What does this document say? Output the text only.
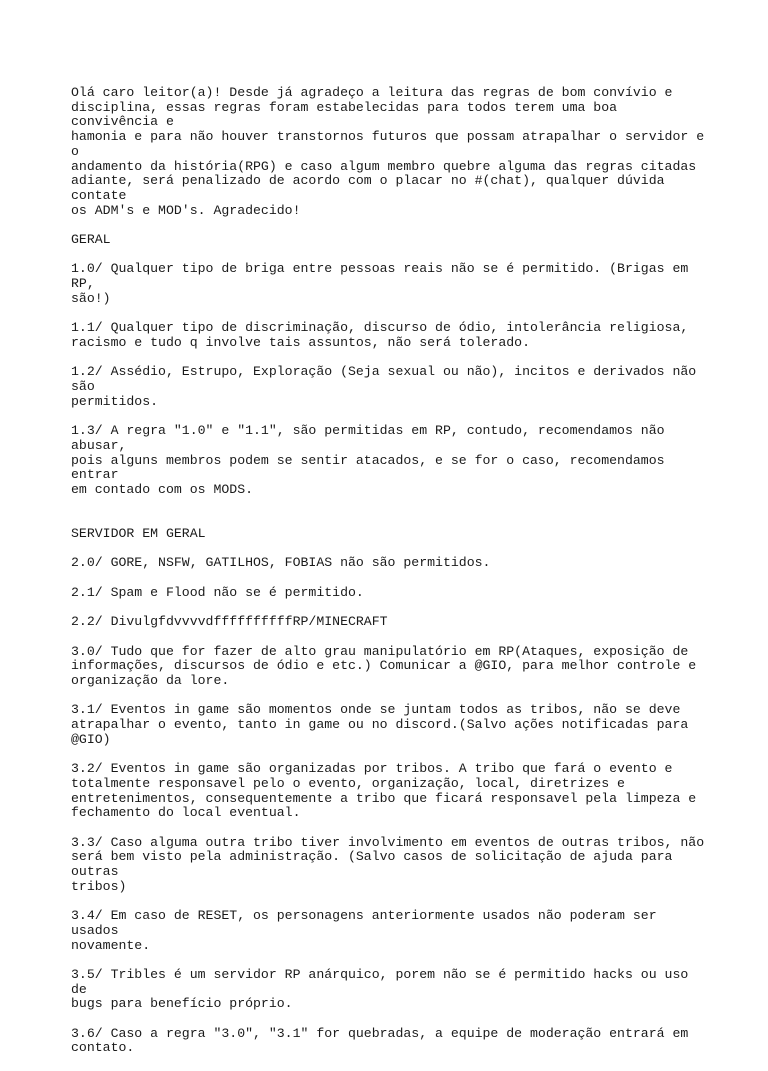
Olá caro leitor(a)! Desde já agradeço a leitura das regras de bom convívio e
disciplina, essas regras foram estabelecidas para todos terem uma boa convivência e
hamonia e para não houver transtornos futuros que possam atrapalhar o servidor e o
andamento da história(RPG) e caso algum membro quebre alguma das regras citadas
adiante, será penalizado de acordo com o placar no #(chat), qualquer dúvida contate
os ADM's e MOD's. Agradecido!

GERAL

1.0/ Qualquer tipo de briga entre pessoas reais não se é permitido. (Brigas em RP,
são!)

1.1/ Qualquer tipo de discriminação, discurso de ódio, intolerância religiosa,
racismo e tudo q involve tais assuntos, não será tolerado.

1.2/ Assédio, Estrupo, Exploração (Seja sexual ou não), incitos e derivados não são
permitidos.

1.3/ A regra "1.0" e "1.1", são permitidas em RP, contudo, recomendamos não abusar,
pois alguns membros podem se sentir atacados, e se for o caso, recomendamos entrar
em contado com os MODS.

SERVIDOR EM GERAL

2.0/ GORE, NSFW, GATILHOS, FOBIAS não são permitidos.

2.1/ Spam e Flood não se é permitido.

2.2/ DivulgfdvvvvdffffffffffRP/MINECRAFT

3.0/ Tudo que for fazer de alto grau manipulatório em RP(Ataques, exposição de
informações, discursos de ódio e etc.) Comunicar a @GIO, para melhor controle e
organização da lore.

3.1/ Eventos in game são momentos onde se juntam todos as tribos, não se deve
atrapalhar o evento, tanto in game ou no discord.(Salvo ações notificadas para
@GIO)

3.2/ Eventos in game são organizadas por tribos. A tribo que fará o evento e
totalmente responsavel pelo o evento, organização, local, diretrizes e
entretenimentos, consequentemente a tribo que ficará responsavel pela limpeza e
fechamento do local eventual.

3.3/ Caso alguma outra tribo tiver involvimento em eventos de outras tribos, não
será bem visto pela administração. (Salvo casos de solicitação de ajuda para outras
tribos)

3.4/ Em caso de RESET, os personagens anteriormente usados não poderam ser usados
novamente.

3.5/ Tribles é um servidor RP anárquico, porem não se é permitido hacks ou uso de
bugs para benefício próprio.

3.6/ Caso a regra "3.0", "3.1" for quebradas, a equipe de moderação entrará em
contato.
